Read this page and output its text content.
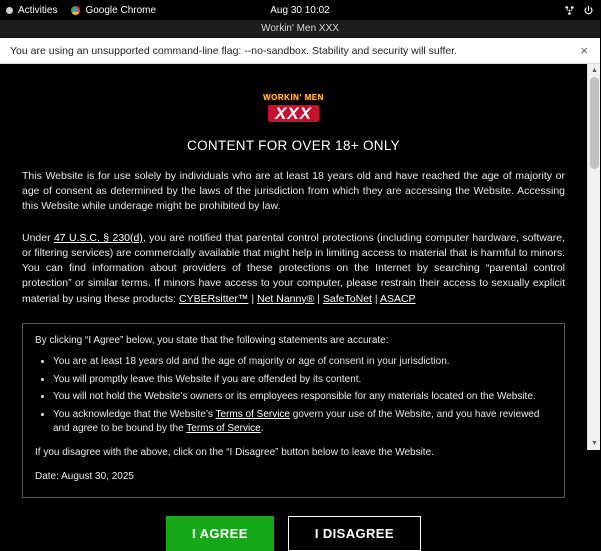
Activities	Google Chrome	Aug 30 10:02
Workin' Men XXX
You are using an unsupported command-line flag: --no-sandbox. Stability and security will suffer.	×
WORKIN' MEN
XXX
CONTENT FOR OVER 18+ ONLY

This Website is for use solely by individuals who are at least 18 years old and have reached the age of majority or age of consent as determined by the laws of the jurisdiction from which they are accessing the Website. Accessing this Website while underage might be prohibited by law.

Under 47 U.S.C. § 230(d), you are notified that parental control protections (including computer hardware, software, or filtering services) are commercially available that might help in limiting access to material that is harmful to minors. You can find information about providers of these protections on the Internet by searching “parental control protection” or similar terms. If minors have access to your computer, please restrain their access to sexually explicit material by using these products: CYBERsitter™ | Net Nanny® | SafeToNet | ASACP

By clicking “I Agree” below, you state that the following statements are accurate:

• You are at least 18 years old and the age of majority or age of consent in your jurisdiction.
• You will promptly leave this Website if you are offended by its content.
• You will not hold the Website’s owners or its employees responsible for any materials located on the Website.
• You acknowledge that the Website’s Terms of Service govern your use of the Website, and you have reviewed and agree to be bound by the Terms of Service.

If you disagree with the above, click on the “I Disagree” button below to leave the Website.

Date: August 30, 2025

I AGREE	I DISAGREE
▲
▼
